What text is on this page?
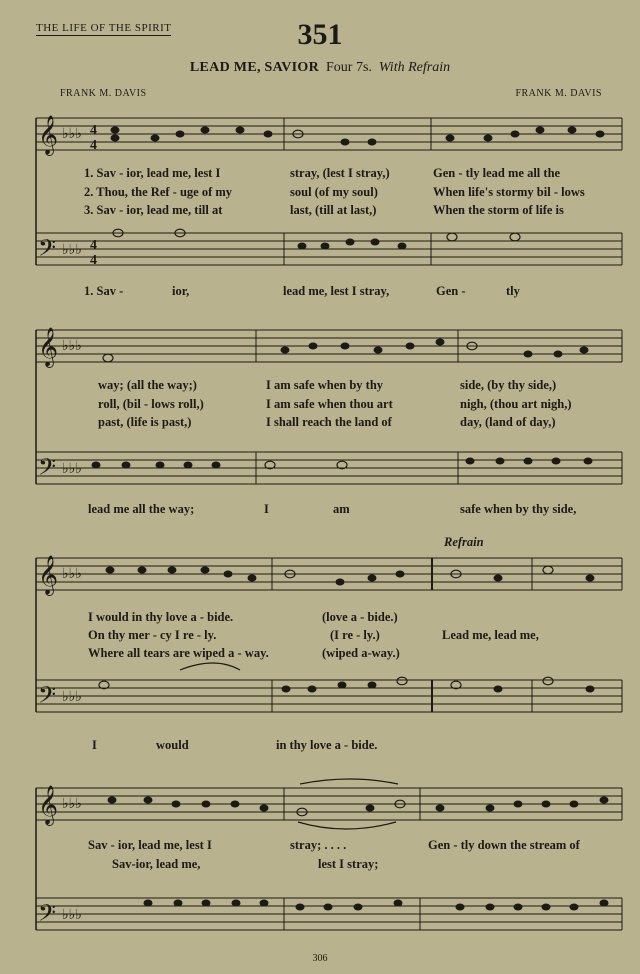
THE LIFE OF THE SPIRIT	351
LEAD ME, SAVIOR Four 7s. With Refrain
FRANK M. DAVIS	FRANK M. DAVIS
𝄞
𝄢
♭♭♭
♭♭♭
4
4
4
4
1. Sav - ior, lead me, lest I	stray, (lest I stray,)	Gen - tly lead me all the
2. Thou, the Ref - uge of my	soul (of my soul)	When life's stormy bil - lows
3. Sav - ior, lead me, till at	last, (till at last,)	When the storm of life is
1. Sav -	ior,	lead me, lest I stray,	Gen -	tly
𝄞
𝄢
♭♭♭
♭♭♭
way; (all the way;)	I am safe when by thy	side, (by thy side,)
roll, (bil - lows roll,)	I am safe when thou art	nigh, (thou art nigh,)
past, (life is past,)	I shall reach the land of	day, (land of day,)
lead me all the way;	I	am	safe when by thy side,
Refrain
𝄞
𝄢
♭♭♭
♭♭♭
I would in thy love a - bide.	(love a - bide.)
On thy mer - cy I re - ly.	(I re - ly.)	Lead me, lead me,
Where all tears are wiped a - way.	(wiped a-way.)
I	would	in thy love a - bide.
𝄞
𝄢
♭♭♭
♭♭♭
Sav - ior, lead me, lest I	stray; . . . .	Gen - tly down the stream of
Sav-ior, lead me,	lest I stray;
306
